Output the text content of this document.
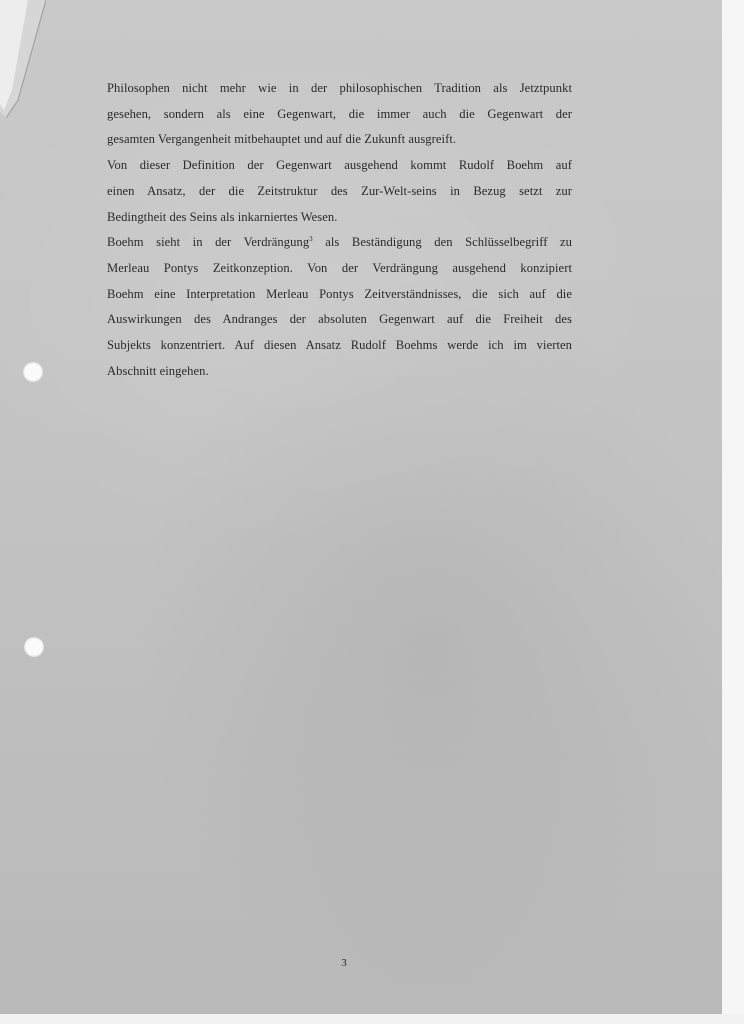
Philosophen nicht mehr wie in der philosophischen Tradition als Jetztpunkt
gesehen, sondern als eine Gegenwart, die immer auch die Gegenwart der
gesamten Vergangenheit mitbehauptet und auf die Zukunft ausgreift.
Von dieser Definition der Gegenwart ausgehend kommt Rudolf Boehm auf
einen Ansatz, der die Zeitstruktur des Zur-Welt-seins in Bezug setzt zur
Bedingtheit des Seins als inkarniertes Wesen.
Boehm sieht in der Verdrängung$^3$ als Beständigung den Schlüsselbegriff zu
Merleau Pontys Zeitkonzeption. Von der Verdrängung ausgehend konzipiert
Boehm eine Interpretation Merleau Pontys Zeitverständnisses, die sich auf die
Auswirkungen des Andranges der absoluten Gegenwart auf die Freiheit des
Subjekts konzentriert. Auf diesen Ansatz Rudolf Boehms werde ich im vierten
Abschnitt eingehen.
3
